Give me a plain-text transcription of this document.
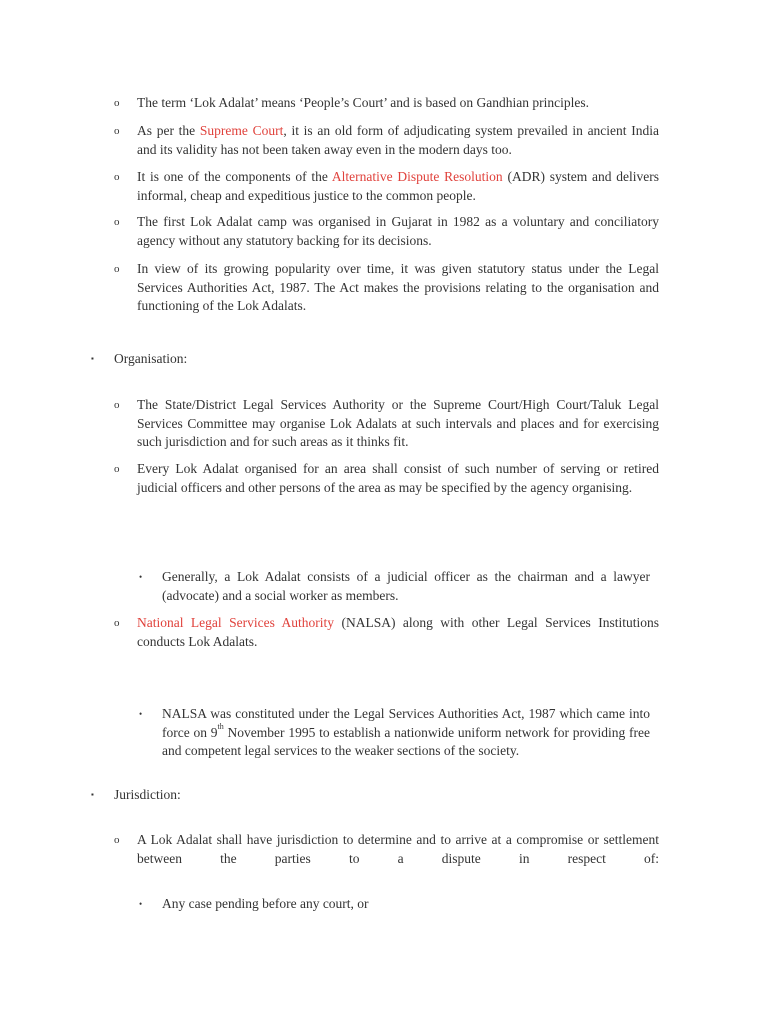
o The term ‘Lok Adalat’ means ‘People’s Court’ and is based on Gandhian principles.
o As per the Supreme Court, it is an old form of adjudicating system prevailed in ancient India and its validity has not been taken away even in the modern days too.
o It is one of the components of the Alternative Dispute Resolution (ADR) system and delivers informal, cheap and expeditious justice to the common people.
o The first Lok Adalat camp was organised in Gujarat in 1982 as a voluntary and conciliatory agency without any statutory backing for its decisions.
o In view of its growing popularity over time, it was given statutory status under the Legal Services Authorities Act, 1987. The Act makes the provisions relating to the organisation and functioning of the Lok Adalats.
▪ Organisation:
o The State/District Legal Services Authority or the Supreme Court/High Court/Taluk Legal Services Committee may organise Lok Adalats at such intervals and places and for exercising such jurisdiction and for such areas as it thinks fit.
o Every Lok Adalat organised for an area shall consist of such number of serving or retired judicial officers and other persons of the area as may be specified by the agency organising.
• Generally, a Lok Adalat consists of a judicial officer as the chairman and a lawyer (advocate) and a social worker as members.
o National Legal Services Authority (NALSA) along with other Legal Services Institutions conducts Lok Adalats.
• NALSA was constituted under the Legal Services Authorities Act, 1987 which came into force on 9th November 1995 to establish a nationwide uniform network for providing free and competent legal services to the weaker sections of the society.
▪ Jurisdiction:
o A Lok Adalat shall have jurisdiction to determine and to arrive at a compromise or settlement between the parties to a dispute in respect of:
• Any case pending before any court, or
